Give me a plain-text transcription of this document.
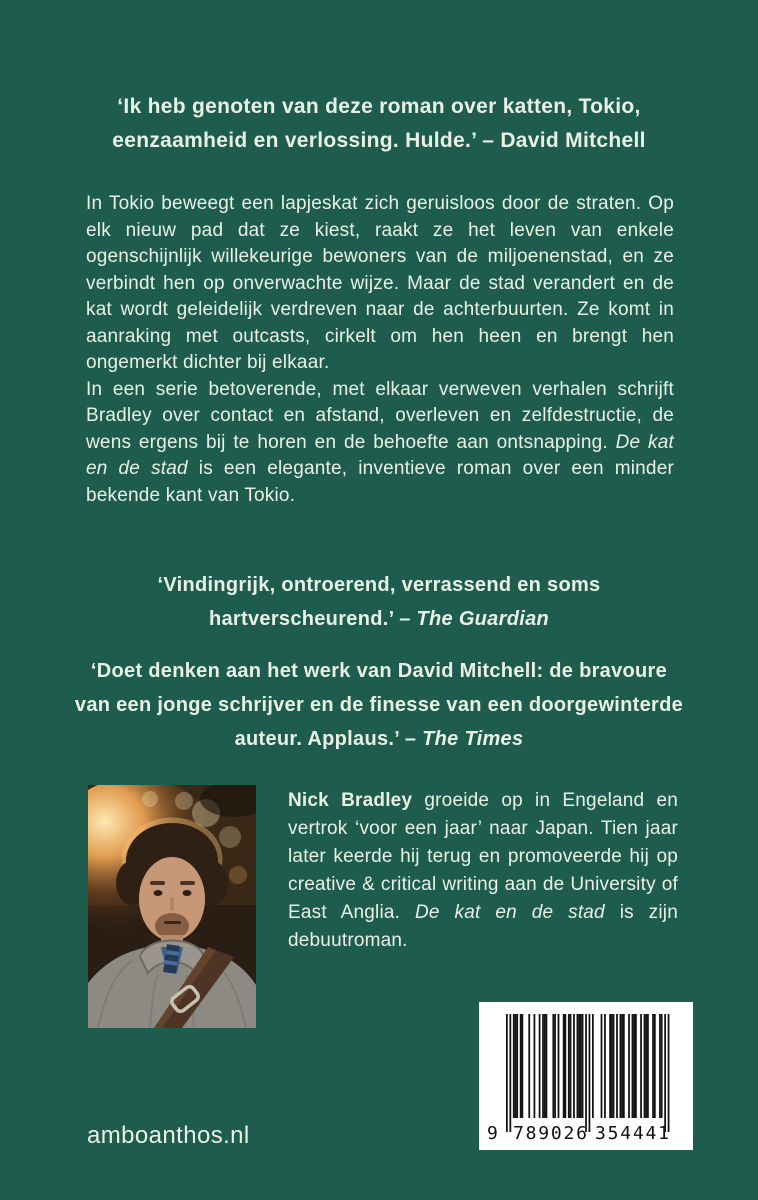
‘Ik heb genoten van deze roman over katten, Tokio,
eenzaamheid en verlossing. Hulde.’ – David Mitchell

In Tokio beweegt een lapjeskat zich geruisloos door de straten. Op elk nieuw pad dat ze kiest, raakt ze het leven van enkele ogenschijnlijk willekeurige bewoners van de miljoenenstad, en ze verbindt hen op onverwachte wijze. Maar de stad verandert en de kat wordt geleidelijk verdreven naar de achterbuurten. Ze komt in aanraking met outcasts, cirkelt om hen heen en brengt hen ongemerkt dichter bij elkaar.

In een serie betoverende, met elkaar verweven verhalen schrijft Bradley over contact en afstand, overleven en zelfdestructie, de wens ergens bij te horen en de behoefte aan ontsnapping. De kat en de stad is een elegante, inventieve roman over een minder bekende kant van Tokio.

‘Vindingrijk, ontroerend, verrassend en soms
hartverscheurend.’ – The Guardian
‘Doet denken aan het werk van David Mitchell: de bravoure
van een jonge schrijver en de finesse van een doorgewinterde
auteur. Applaus.’ – The Times
Nick Bradley groeide op in Engeland en vertrok ‘voor een jaar’ naar Japan. Tien jaar later keerde hij terug en promoveerde hij op creative & critical writing aan de University of East Anglia. De kat en de stad is zijn debuutroman.
9 7 8 9 0 2 6 3 5 4 4 4 1
amboanthos.nl
